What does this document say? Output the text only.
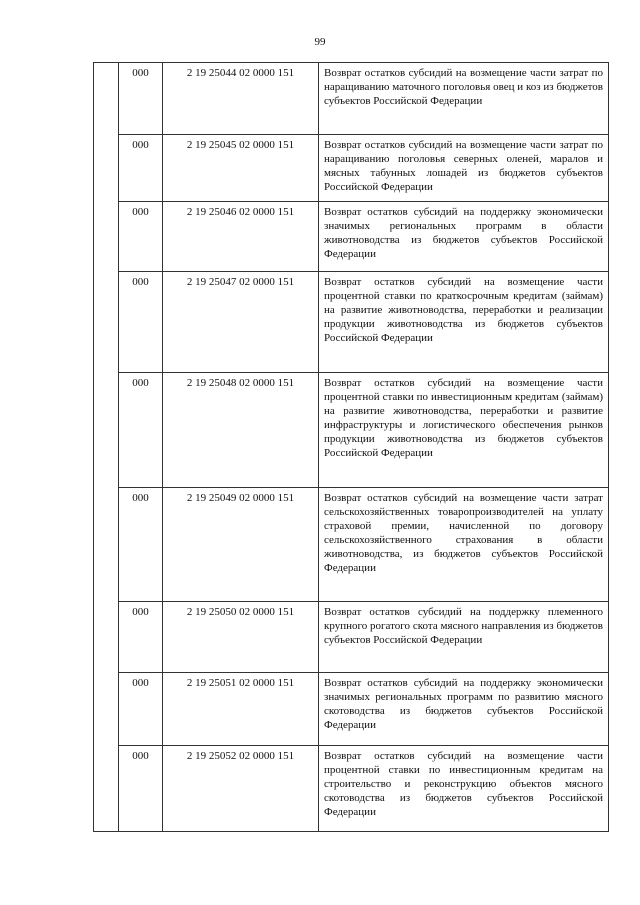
99
	000	2 19 25044 02 0000 151	Возврат остатков субсидий на возмещение части затрат по наращиванию маточного поголовья овец и коз из бюджетов субъектов Российской Федерации
	000	2 19 25045 02 0000 151	Возврат остатков субсидий на возмещение части затрат по наращиванию поголовья северных оленей, маралов и мясных табунных лошадей из бюджетов субъектов Российской Федерации
	000	2 19 25046 02 0000 151	Возврат остатков субсидий на поддержку экономически значимых региональных программ в области животноводства из бюджетов субъектов Российской Федерации
	000	2 19 25047 02 0000 151	Возврат остатков субсидий на возмещение части процентной ставки по краткосрочным кредитам (займам) на развитие животноводства, переработки и реализации продукции животноводства из бюджетов субъектов Российской Федерации
	000	2 19 25048 02 0000 151	Возврат остатков субсидий на возмещение части процентной ставки по инвестиционным кредитам (займам) на развитие животноводства, переработки и развитие инфраструктуры и логистического обеспечения рынков продукции животноводства из бюджетов субъектов Российской Федерации
	000	2 19 25049 02 0000 151	Возврат остатков субсидий на возмещение части затрат сельскохозяйственных товаропроизводителей на уплату страховой премии, начисленной по договору сельскохозяйственного страхования в области животноводства, из бюджетов субъектов Российской Федерации
	000	2 19 25050 02 0000 151	Возврат остатков субсидий на поддержку племенного крупного рогатого скота мясного направления из бюджетов субъектов Российской Федерации
	000	2 19 25051 02 0000 151	Возврат остатков субсидий на поддержку экономически значимых региональных программ по развитию мясного скотоводства из бюджетов субъектов Российской Федерации
	000	2 19 25052 02 0000 151	Возврат остатков субсидий на возмещение части процентной ставки по инвестиционным кредитам на строительство и реконструкцию объектов мясного скотоводства из бюджетов субъектов Российской Федерации
